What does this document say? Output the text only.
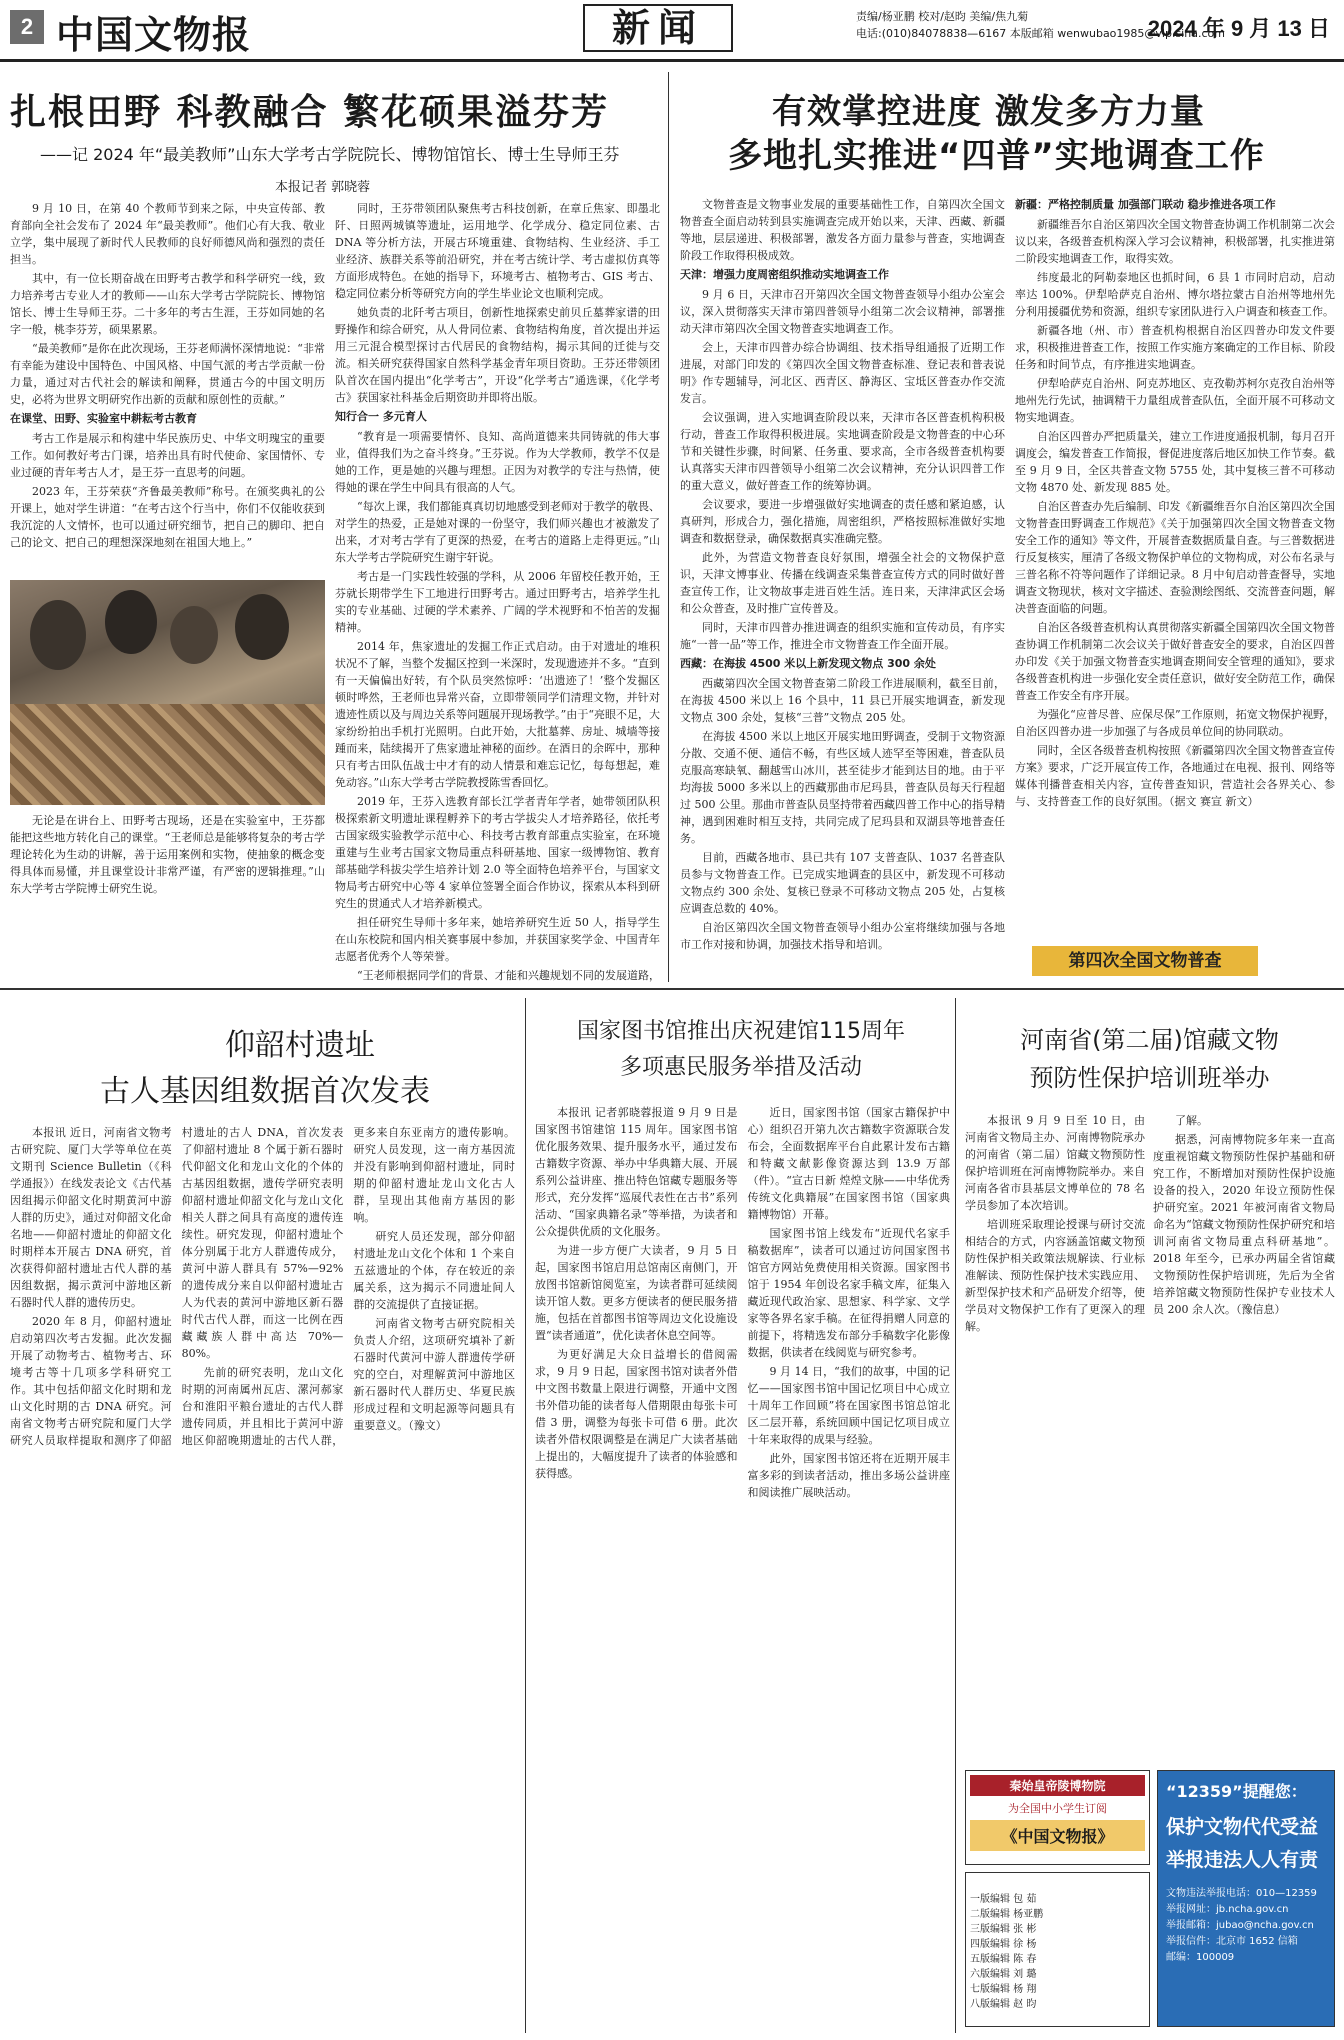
2 中国文物报	新闻	责编/杨亚鹏 校对/赵昀 美编/焦九菊
电话:(010)84078838—6167 本版邮箱 wenwubao1985@vip.sina.com
2024 年 9 月 13 日
扎根田野 科教融合 繁花硕果溢芬芳
——记 2024 年“最美教师”山东大学考古学院院长、博物馆馆长、博士生导师王芬
本报记者 郭晓蓉

9 月 10 日，在第 40 个教师节到来之际，中央宣传部、教育部向全社会发布了 2024 年“最美教师”。他们心有大我、敬业立学，集中展现了新时代人民教师的良好师德风尚和强烈的责任担当。

其中，有一位长期奋战在田野考古教学和科学研究一线，致力培养考古专业人才的教师——山东大学考古学院院长、博物馆馆长、博士生导师王芬。二十多年的考古生涯，王芬如同她的名字一般，桃李芬芳，硕果累累。

“最美教师”是你在此次现场，王芬老师满怀深情地说：“非常有幸能为建设中国特色、中国风格、中国气派的考古学贡献一份力量，通过对古代社会的解读和阐释，贯通古今的中国文明历史，必将为世界文明研究作出新的贡献和原创性的贡献。”

在课堂、田野、实验室中耕耘考古教育

考古工作是展示和构建中华民族历史、中华文明瑰宝的重要工作。如何教好考古门课，培养出具有时代使命、家国情怀、专业过硬的青年考古人才，是王芬一直思考的问题。

2023 年，王芬荣获“齐鲁最美教师”称号。在颁奖典礼的公开课上，她对学生讲道：“在考古这个行当中，你们不仅能收获到我沉淀的人文情怀，也可以通过研究细节，把自己的脚印、把自己的论文、把自己的理想深深地刻在祖国大地上。”

无论是在讲台上、田野考古现场，还是在实验室中，王芬都能把这些地方转化自己的课堂。“王老师总是能够将复杂的考古学理论转化为生动的讲解，善于运用案例和实物，使抽象的概念变得具体而易懂，并且课堂设计非常严谨，有严密的逻辑推理。”山东大学考古学院博士研究生说。

同时，王芬带领团队聚焦考古科技创新，在章丘焦家、即墨北阡、日照两城镇等遗址，运用地学、化学成分、稳定同位素、古 DNA 等分析方法，开展古环境重建、食物结构、生业经济、手工业经济、族群关系等前沿研究，并在考古统计学、考古虚拟仿真等方面形成特色。在她的指导下，环境考古、植物考古、GIS 考古、稳定同位素分析等研究方向的学生毕业论文也顺利完成。

她负责的北阡考古项目，创新性地探索史前贝丘墓葬家谱的田野操作和综合研究，从人骨同位素、食物结构角度，首次提出并运用三元混合模型探讨古代居民的食物结构，揭示其间的迁徙与交流。相关研究获得国家自然科学基金青年项目资助。王芬还带领团队首次在国内提出“化学考古”，开设“化学考古”通选课，《化学考古》获国家社科基金后期资助并即将出版。

知行合一 多元育人

“教育是一项需要情怀、良知、高尚道德来共同铸就的伟大事业，值得我们为之奋斗终身。”王芬说。作为大学教师，教学不仅是她的工作，更是她的兴趣与理想。正因为对教学的专注与热情，使得她的课在学生中间具有很高的人气。

“每次上课，我们都能真真切切地感受到老师对于教学的敬畏、对学生的热爱，正是她对课的一份坚守，我们师兴趣也才被激发了出来，才对考古学有了更深的热爱，在考古的道路上走得更远。”山东大学考古学院研究生谢宇轩说。

考古是一门实践性较强的学科，从 2006 年留校任教开始，王芬就长期带学生下工地进行田野考古。通过田野考古，培养学生扎实的专业基础、过硬的学术素养、广阔的学术视野和不怕苦的发掘精神。

2014 年，焦家遗址的发掘工作正式启动。由于对遗址的堆积状况不了解，当整个发掘区控到一米深时，发现遗迹并不多。“直到有一天偏偏出好转，有个队员突然惊呼：‘出遗迹了！’整个发掘区顿时哗然，王老师也异常兴奋，立即带领同学们清理文物，并针对遗迹性质以及与周边关系等问题展开现场教学。”由于“亮眼不足，大家纷纷拍出手机打光照明。白此开始，大批墓葬、房址、城墙等接踵而来，陆续揭开了焦家遗址神秘的面纱。在酒日的余晖中，那种只有考古田队伍战士中才有的动人情景和难忘记忆，每每想起，难免动容。”山东大学考古学院教授陈雪香回忆。

2019 年，王芬入选教育部长江学者青年学者，她带领团队积极探索新文明遗址课程孵养下的考古学拔尖人才培养路径，依托考古国家级实验教学示范中心、科技考古教育部重点实验室，在环境重建与生业考古国家文物局重点科研基地、国家一级博物馆、教育部基础学科拔尖学生培养计划 2.0 等全面特色培养平台，与国家文物局考古研究中心等 4 家单位签署全面合作协议，探索从本科到研究生的贯通式人才培养新模式。

担任研究生导师十多年来，她培养研究生近 50 人，指导学生在山东校院和国内相关赛事展中参加，并获国家奖学金、中国青年志愿者优秀个人等荣誉。

“王老师根据同学们的背景、才能和兴趣规划不同的发展道路，

有效掌控进度 激发多方力量
多地扎实推进“四普”实地调查工作

文物普查是文物事业发展的重要基础性工作，自第四次全国文物普查全面启动转到县实施调查完成开始以来，天津、西藏、新疆等地，层层递进、积极部署，激发各方面力量参与普查，实地调查阶段工作取得积极成效。

天津：增强力度周密组织推动实地调查工作

9 月 6 日，天津市召开第四次全国文物普查领导小组办公室会议，深入贯彻落实天津市第四普领导小组第二次会议精神，部署推动天津市第四次全国文物普查实地调查工作。

会上，天津市四普办综合协调组、技术指导组通报了近期工作进展，对部门印发的《第四次全国文物普查标准、登记表和普表说明》作专题辅导，河北区、西青区、静海区、宝坻区普查办作交流发言。

会议强调，进入实地调查阶段以来，天津市各区普查机构积极行动，普查工作取得积极进展。实地调查阶段是文物普查的中心环节和关键性步骤，时间紧、任务重、要求高，全市各级普查机构要认真落实天津市四普领导小组第二次会议精神，充分认识四普工作的重大意义，做好普查工作的统筹协调。

会议要求，要进一步增强做好实地调查的责任感和紧迫感，认真研判，形成合力，强化措施，周密组织，严格按照标准做好实地调查和数据登录，确保数据真实准确完整。

此外，为营造文物普查良好氛围，增强全社会的文物保护意识，天津文博事业、传播在线调查采集普查宣传方式的同时做好普查宣传工作，让文物故事走进百姓生活。连日来，天津津武区会场和公众普查，及时推广宣传普及。

同时，天津市四普办推进调查的组织实施和宣传动员，有序实施“一普一品”等工作，推进全市文物普查工作全面开展。

西藏：在海拔 4500 米以上新发现文物点 300 余处

西藏第四次全国文物普查第二阶段工作进展顺利，截至目前，在海拔 4500 米以上 16 个县中，11 县已开展实地调查，新发现文物点 300 余处，复核“三普”文物点 205 处。

在海拔 4500 米以上地区开展实地田野调查，受制于文物资源分散、交通不便、通信不畅，有些区域人迹罕至等困难，普查队员克服高寒缺氧、翻越雪山冰川，甚至徒步才能到达目的地。由于平均海拔 5000 多米以上的西藏那曲市尼玛县，普查队员每天行程超过 500 公里。那曲市普查队员坚持带着西藏四普工作中心的指导精神，遇到困难时相互支持，共同完成了尼玛县和双湖县等地普查任务。

目前，西藏各地市、县已共有 107 支普查队、1037 名普查队员参与文物普查工作。已完成实地调查的县区中，新发现不可移动文物点约 300 余处、复核已登录不可移动文物点 205 处，占复核应调查总数的 40%。

自治区第四次全国文物普查领导小组办公室将继续加强与各地市工作对接和协调，加强技术指导和培训。

新疆：严格控制质量 加强部门联动 稳步推进各项工作

新疆维吾尔自治区第四次全国文物普查协调工作机制第二次会议以来，各级普查机构深入学习会议精神，积极部署，扎实推进第二阶段实地调查工作，取得实效。

纬度最北的阿勒泰地区也抓时间，6 县 1 市同时启动，启动率达 100%。伊犁哈萨克自治州、博尔塔拉蒙古自治州等地州先分利用援疆优势和资源，组织专家团队进行入户调查和核查工作。

新疆各地（州、市）普查机构根据自治区四普办印发文件要求，积极推进普查工作，按照工作实施方案确定的工作目标、阶段任务和时间节点，有序推进实地调查。

伊犁哈萨克自治州、阿克苏地区、克孜勒苏柯尔克孜自治州等地州先行先试，抽调精干力量组成普查队伍，全面开展不可移动文物实地调查。

自治区四普办严把质量关，建立工作进度通报机制，每月召开调度会，编发普查工作简报，督促进度落后地区加快工作节奏。截至 9 月 9 日，全区共普查文物 5755 处，其中复核三普不可移动文物 4870 处、新发现 885 处。

自治区普查办先后编制、印发《新疆维吾尔自治区第四次全国文物普查田野调查工作规范》《关于加强第四次全国文物普查文物安全工作的通知》等文件，开展普查数据质量自查。与三普数据进行反复核实，厘清了各级文物保护单位的文物构成，对公布名录与三普名称不符等问题作了详细记录。8 月中旬启动普查督导，实地调查文物现状，核对文字描述、查验测绘图纸、交流普查问题，解决普查面临的问题。

自治区各级普查机构认真贯彻落实新疆全国第四次全国文物普查协调工作机制第二次会议关于做好普查安全的要求，自治区四普办印发《关于加强文物普查实地调查期间安全管理的通知》，要求各级普查机构进一步强化安全责任意识，做好安全防范工作，确保普查工作安全有序开展。

为强化“应普尽普、应保尽保”工作原则，拓宽文物保护视野，自治区四普办进一步加强了与各成员单位间的协同联动。

同时，全区各级普查机构按照《新疆第四次全国文物普查宣传方案》要求，广泛开展宣传工作，各地通过在电视、报刊、网络等媒体刊播普查相关内容，宣传普查知识，营造社会各界关心、参与、支持普查工作的良好氛围。（据文 赛宣 新文）

第四次全国文物普查
仰韶村遗址
古人基因组数据首次发表

本报讯 近日，河南省文物考古研究院、厦门大学等单位在英文期刊 Science Bulletin（《科学通报》）在线发表论文《古代基因组揭示仰韶文化时期黄河中游人群的历史》，通过对仰韶文化命名地——仰韶村遗址的仰韶文化时期样本开展古 DNA 研究，首次获得仰韶村遗址古代人群的基因组数据，揭示黄河中游地区新石器时代人群的遗传历史。

2020 年 8 月，仰韶村遗址启动第四次考古发掘。此次发掘开展了动物考古、植物考古、环境考古等十几项多学科研究工作。其中包括仰韶文化时期和龙山文化时期的古 DNA 研究。河南省文物考古研究院和厦门大学研究人员取样提取和测序了仰韶村遗址的古人 DNA，首次发表了仰韶村遗址 8 个属于新石器时代仰韶文化和龙山文化的个体的古基因组数据，遗传学研究表明仰韶村遗址仰韶文化与龙山文化相关人群之间具有高度的遗传连续性。研究发现，仰韶村遗址个体分别属于北方人群遗传成分，黄河中游人群具有 57%—92% 的遗传成分来自以仰韶村遗址古人为代表的黄河中游地区新石器时代古代人群，而这一比例在西藏藏族人群中高达 70%—80%。

先前的研究表明，龙山文化时期的河南属州瓦店、漯河郝家台和淮阳平粮台遗址的古代人群遗传同质，并且相比于黄河中游地区仰韶晚期遗址的古代人群，更多来自东亚南方的遗传影响。研究人员发现，这一南方基因流并没有影响到仰韶村遗址，同时期的仰韶村遗址龙山文化古人群，呈现出其他南方基因的影响。

研究人员还发现，部分仰韶村遗址龙山文化个体和 1 个来自五兹遗址的个体，存在较近的亲属关系，这为揭示不同遗址间人群的交流提供了直接证据。

河南省文物考古研究院相关负责人介绍，这项研究填补了新石器时代黄河中游人群遗传学研究的空白，对理解黄河中游地区新石器时代人群历史、华夏民族形成过程和文明起源等问题具有重要意义。（豫文）

国家图书馆推出庆祝建馆115周年
多项惠民服务举措及活动

本报讯 记者郭晓蓉报道 9 月 9 日是国家图书馆建馆 115 周年。国家图书馆优化服务效果、提升服务水平，通过发布古籍数字资源、举办中华典籍大展、开展系列公益讲座、推出特色馆藏专题服务等形式，充分发挥“巡展代表性在古书”系列活动、“国家典籍名录”等举措，为读者和公众提供优质的文化服务。

为进一步方便广大读者，9 月 5 日起，国家图书馆启用总馆南区南侧门，开放图书馆新馆阅览室，为读者群可延续阅读开馆人数。更多方便读者的便民服务措施，包括在首都图书馆等周边文化设施设置“读者通道”，优化读者休息空间等。

为更好满足大众日益增长的借阅需求，9 月 9 日起，国家图书馆对读者外借中文图书数量上限进行调整，开通中文图书外借功能的读者每人借期限由每张卡可借 3 册，调整为每张卡可借 6 册。此次读者外借权限调整是在满足广大读者基础上提出的，大幅度提升了读者的体验感和获得感。

近日，国家图书馆（国家古籍保护中心）组织召开第九次古籍数字资源联合发布会，全面数据库平台自此累计发布古籍和特藏文献影像资源达到 13.9 万部（件）。“宣古日新 煌煌文脉——中华优秀传统文化典籍展”在国家图书馆（国家典籍博物馆）开幕。

国家图书馆上线发布“近现代名家手稿数据库”，读者可以通过访问国家图书馆官方网站免费使用相关资源。国家图书馆于 1954 年创设名家手稿文库，征集入藏近现代政治家、思想家、科学家、文学家等各界名家手稿。在征得捐赠人同意的前提下，将精选发布部分手稿数字化影像数据，供读者在线阅览与研究参考。

9 月 14 日，“我们的故事，中国的记忆——国家图书馆中国记忆项目中心成立十周年工作回顾”将在国家图书馆总馆北区二层开幕，系统回顾中国记忆项目成立十年来取得的成果与经验。

此外，国家图书馆还将在近期开展丰富多彩的到读者活动，推出多场公益讲座和阅读推广展映活动。

河南省(第二届)馆藏文物
预防性保护培训班举办

本报讯 9 月 9 日至 10 日，由河南省文物局主办、河南博物院承办的河南省（第二届）馆藏文物预防性保护培训班在河南博物院举办。来自河南各省市县基层文博单位的 78 名学员参加了本次培训。

培训班采取理论授课与研讨交流相结合的方式，内容涵盖馆藏文物预防性保护相关政策法规解读、行业标准解读、预防性保护技术实践应用、新型保护技术和产品研发介绍等，使学员对文物保护工作有了更深入的理解。

了解。

据悉，河南博物院多年来一直高度重视馆藏文物预防性保护基础和研究工作，不断增加对预防性保护设施设备的投入，2020 年设立预防性保护研究室。2021 年被河南省文物局命名为“馆藏文物预防性保护研究和培训河南省文物局重点科研基地”。2018 年至今，已承办两届全省馆藏文物预防性保护培训班，先后为全省培养馆藏文物预防性保护专业技术人员 200 余人次。（豫信息）

秦始皇帝陵博物院
为全国中小学生订阅
《中国文物报》

一版编辑 包 茹
二版编辑 杨亚鹏
三版编辑 张 彬
四版编辑 徐 杨
五版编辑 陈 春
六版编辑 刘 璐
七版编辑 杨 翔
八版编辑 赵 昀

“12359”提醒您：
保护文物代代受益
举报违法人人有责
文物违法举报电话：010—12359
举报网址：jb.ncha.gov.cn
举报邮箱：jubao@ncha.gov.cn
举报信件：北京市 1652 信箱
邮编：100009
